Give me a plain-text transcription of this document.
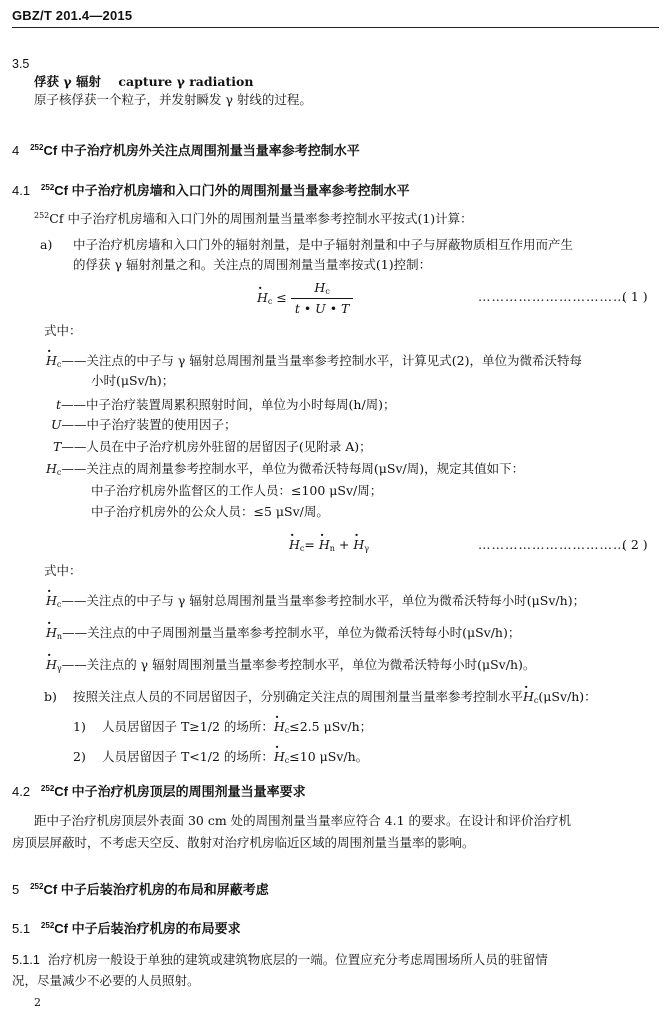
GBZ/T 201.4—2015
3.5
俘获 γ 辐射 capture γ radiation
原子核俘获一个粒子，并发射瞬发 γ 射线的过程。
4 $^{252}$Cf 中子治疗机房外关注点周围剂量当量率参考控制水平
4.1 $^{252}$Cf 中子治疗机房墙和入口门外的周围剂量当量率参考控制水平
$^{252}$Cf 中子治疗机房墙和入口门外的周围剂量当量率参考控制水平按式(1)计算：
a) 中子治疗机房墙和入口门外的辐射剂量，是中子辐射剂量和中子与屏蔽物质相互作用而产生
的俘获 γ 辐射剂量之和。关注点的周围剂量当量率按式(1)控制：
· $H_c \le \frac{H_c}{t • U • T}$	……………………………
( 1 )
式中：
· $H_c——$关注点的中子与 γ 辐射总周围剂量当量率参考控制水平，计算见式(2)，单位为微希沃特每
小时(μSv/h)；
t——中子治疗装置周累积照射时间，单位为小时每周(h/周)；
U——中子治疗装置的使用因子；
T——人员在中子治疗机房外驻留的居留因子(见附录 A)；
$H_c——$关注点的周剂量参考控制水平，单位为微希沃特每周(μSv/周)，规定其值如下：
中子治疗机房外监督区的工作人员：≤100 μSv/周；
中子治疗机房外的公众人员：≤5 μSv/周。
· $H_c= \cdot H_n$ + · $H_\gamma$	……………………………
( 2 )
式中：
· $H_c——$关注点的中子与 γ 辐射总周围剂量当量率参考控制水平，单位为微希沃特每小时(μSv/h)；
· $H_n——$关注点的中子周围剂量当量率参考控制水平，单位为微希沃特每小时(μSv/h)；
· $H_\gamma——$关注点的 γ 辐射周围剂量当量率参考控制水平，单位为微希沃特每小时(μSv/h)。
b) 按照关注点人员的不同居留因子，分别确定关注点的周围剂量当量率参考控制水平· $H_c(\mu Sv/h)$：
1) 人员居留因子 T≥1/2 的场所：· $H_c\le 2.5$ μSv/h；
2) 人员居留因子 T<1/2 的场所：· $H_c\le 10$ μSv/h。
4.2 $^{252}$Cf 中子治疗机房顶层的周围剂量当量率要求
距中子治疗机房顶层外表面 30 cm 处的周围剂量当量率应符合 4.1 的要求。在设计和评价治疗机
房顶层屏蔽时，不考虑天空反、散射对治疗机房临近区域的周围剂量当量率的影响。
5 $^{252}$Cf 中子后装治疗机房的布局和屏蔽考虑
5.1 $^{252}$Cf 中子后装治疗机房的布局要求
5.1.1 治疗机房一般设于单独的建筑或建筑物底层的一端。位置应充分考虑周围场所人员的驻留情
况，尽量减少不必要的人员照射。
2
